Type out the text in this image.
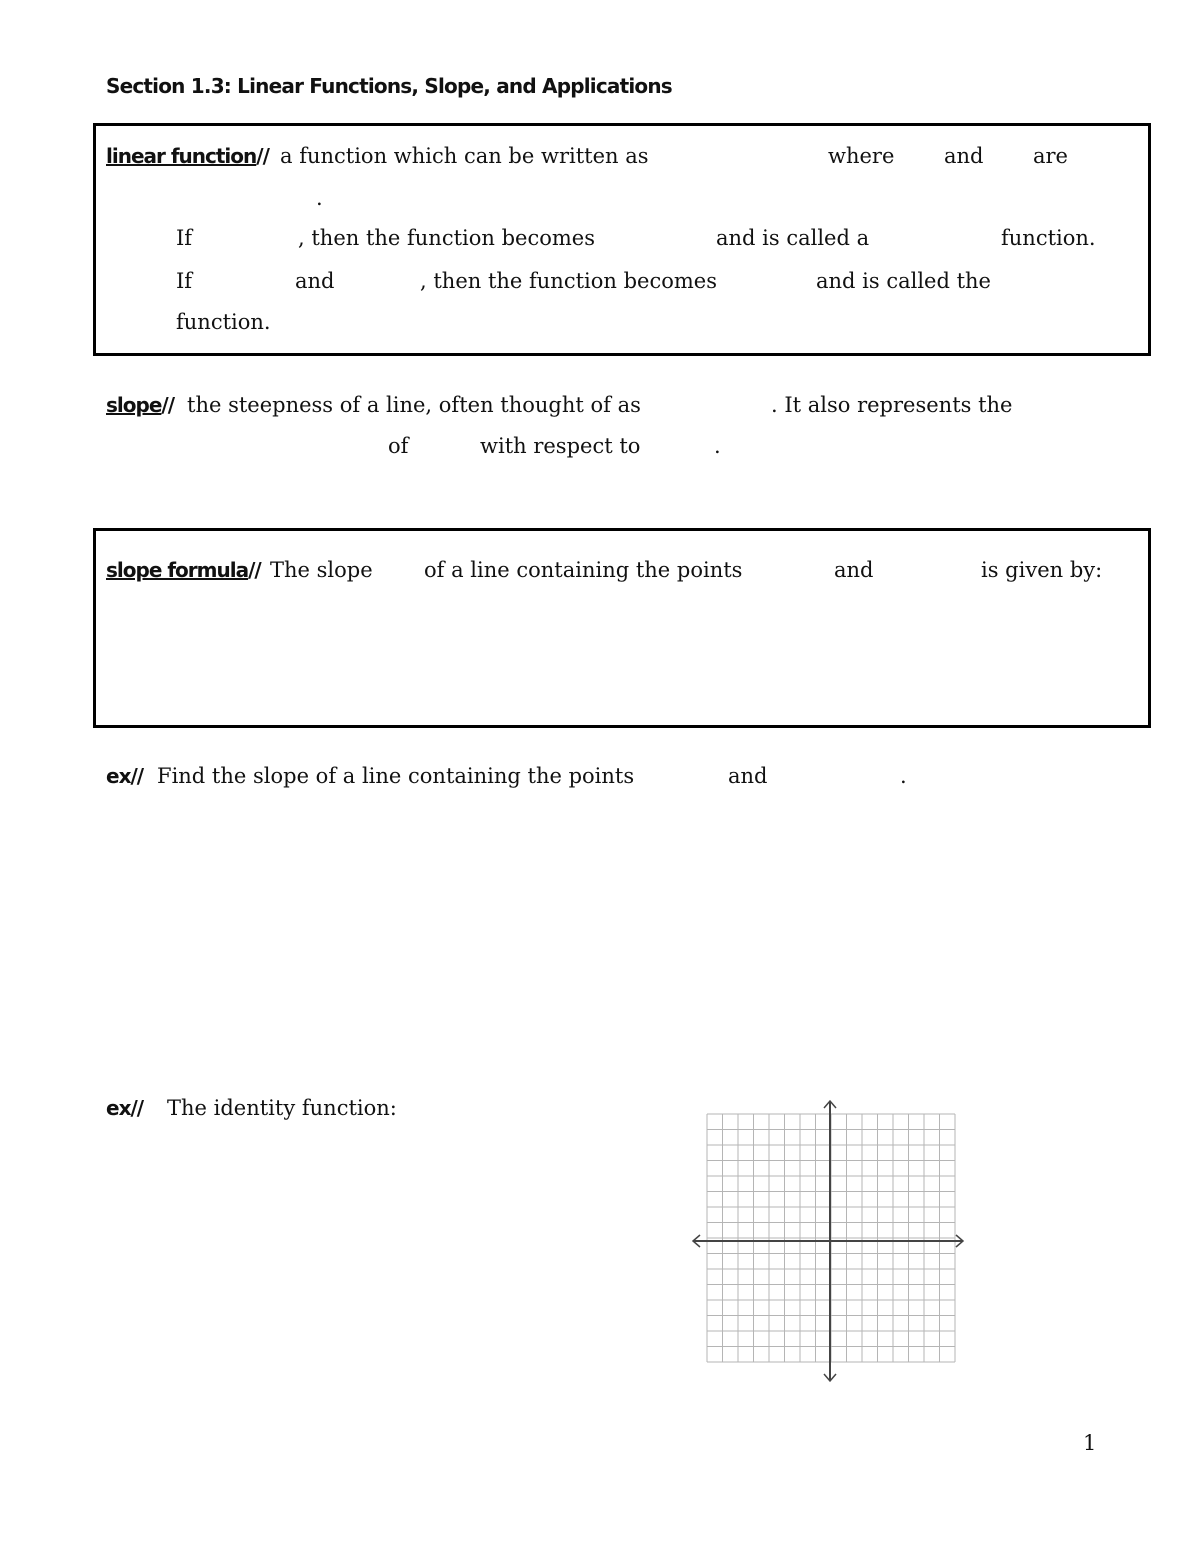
Section 1.3: Linear Functions, Slope, and Applications
linear function// a function which can be written as	where and are
.
If	, then the function becomes	and is called a	function.
If	and	, then the function becomes	and is called the
function.
slope// the steepness of a line, often thought of as	. It also represents the
of	with respect to	.
slope formula// The slope of a line containing the points	and	is given by:
ex// Find the slope of a line containing the points	and	.
ex// The identity function:
1
